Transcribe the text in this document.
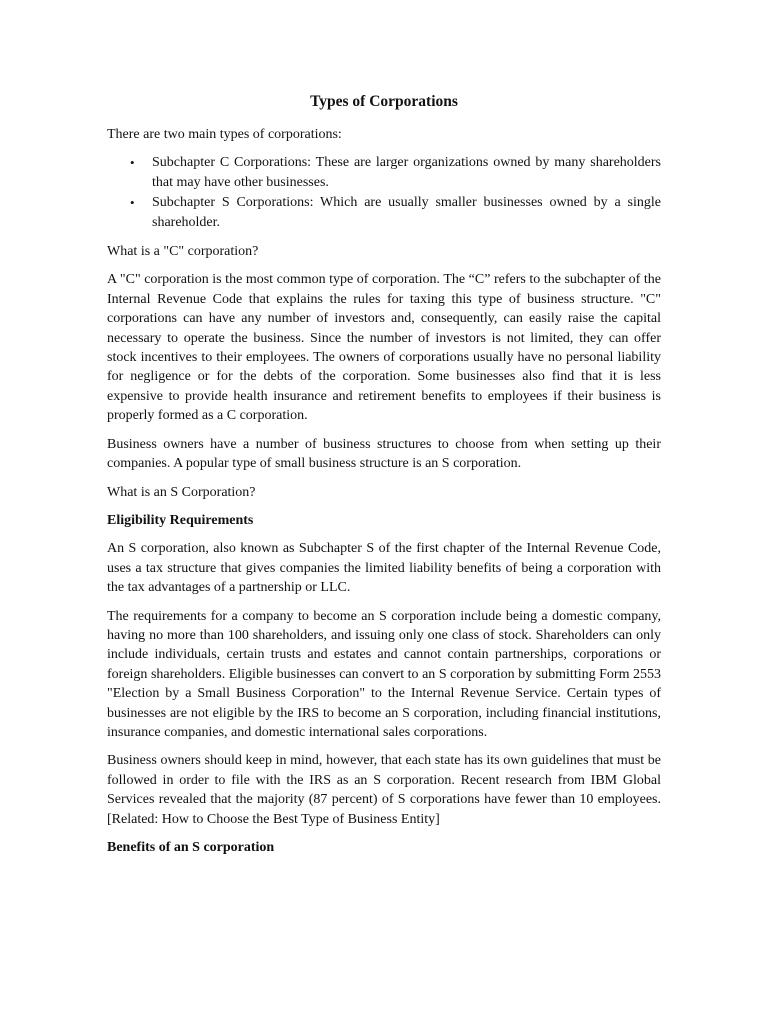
Types of Corporations

There are two main types of corporations:

• Subchapter C Corporations: These are larger organizations owned by many shareholders that may have other businesses.
• Subchapter S Corporations: Which are usually smaller businesses owned by a single shareholder.

What is a "C" corporation?

A "C" corporation is the most common type of corporation. The “C” refers to the subchapter of the Internal Revenue Code that explains the rules for taxing this type of business structure. "C" corporations can have any number of investors and, consequently, can easily raise the capital necessary to operate the business. Since the number of investors is not limited, they can offer stock incentives to their employees. The owners of corporations usually have no personal liability for negligence or for the debts of the corporation. Some businesses also find that it is less expensive to provide health insurance and retirement benefits to employees if their business is properly formed as a C corporation.

Business owners have a number of business structures to choose from when setting up their companies. A popular type of small business structure is an S corporation.

What is an S Corporation?

Eligibility Requirements

An S corporation, also known as Subchapter S of the first chapter of the Internal Revenue Code, uses a tax structure that gives companies the limited liability benefits of being a corporation with the tax advantages of a partnership or LLC.

The requirements for a company to become an S corporation include being a domestic company, having no more than 100 shareholders, and issuing only one class of stock. Shareholders can only include individuals, certain trusts and estates and cannot contain partnerships, corporations or foreign shareholders. Eligible businesses can convert to an S corporation by submitting Form 2553 "Election by a Small Business Corporation" to the Internal Revenue Service. Certain types of businesses are not eligible by the IRS to become an S corporation, including financial institutions, insurance companies, and domestic international sales corporations.

Business owners should keep in mind, however, that each state has its own guidelines that must be followed in order to file with the IRS as an S corporation. Recent research from IBM Global Services revealed that the majority (87 percent) of S corporations have fewer than 10 employees. [Related: How to Choose the Best Type of Business Entity]

Benefits of an S corporation
